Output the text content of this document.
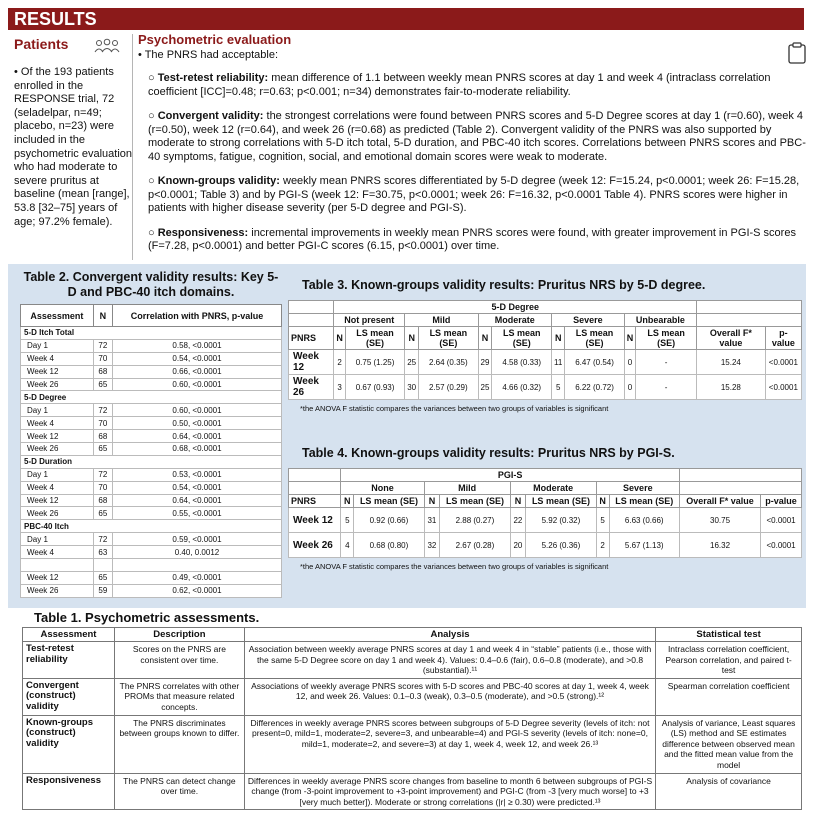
RESULTS
Patients

• Of the 193 patients enrolled in the RESPONSE trial, 72 (seladelpar, n=49; placebo, n=23) were included in the psychometric evaluation who had moderate to severe pruritus at baseline (mean [range], 53.8 [32–75] years of age; 97.2% female).

Psychometric evaluation
• The PNRS had acceptable:
○ Test-retest reliability: mean difference of 1.1 between weekly mean PNRS scores at day 1 and week 4 (intraclass correlation coefficient [ICC]=0.48; r=0.63; p<0.001; n=34) demonstrates fair-to-moderate reliability.
○ Convergent validity: the strongest correlations were found between PNRS scores and 5-D Degree scores at day 1 (r=0.60), week 4 (r=0.50), week 12 (r=0.64), and week 26 (r=0.68) as predicted (Table 2). Convergent validity of the PNRS was also supported by moderate to strong correlations with 5-D itch total, 5-D duration, and PBC-40 itch scores. Correlations between PNRS scores and PBC-40 symptoms, fatigue, cognition, social, and emotional domain scores were weak to moderate.
○ Known-groups validity: weekly mean PNRS scores differentiated by 5-D degree (week 12: F=15.24, p<0.0001; week 26: F=15.28, p<0.0001; Table 3) and by PGI-S (week 12: F=30.75, p<0.0001; week 26: F=16.32, p<0.0001 Table 4). PNRS scores were higher in patients with higher disease severity (per 5-D degree and PGI-S).
○ Responsiveness: incremental improvements in weekly mean PNRS scores were found, with greater improvement in PGI-S scores (F=7.28, p<0.0001) and better PGI-C scores (6.15, p<0.0001) over time.
Table 2. Convergent validity results: Key 5-D and PBC-40 itch domains.
Assessment	N	Correlation with PNRS, p-value
5-D Itch Total		
Day 1	72	0.58, <0.0001
Week 4	70	0.54, <0.0001
Week 12	68	0.66, <0.0001
Week 26	65	0.60, <0.0001
5-D Degree		
Day 1	72	0.60, <0.0001
Week 4	70	0.50, <0.0001
Week 12	68	0.64, <0.0001
Week 26	65	0.68, <0.0001
5-D Duration		
Day 1	72	0.53, <0.0001
Week 4	70	0.54, <0.0001
Week 12	68	0.64, <0.0001
Week 26	65	0.55, <0.0001
PBC-40 Itch		
Day 1	72	0.59, <0.0001
Week 4	63	0.40, 0.0012

Week 12	65	0.49, <0.0001
Week 26	59	0.62, <0.0001
Table 3. Known-groups validity results: Pruritus NRS by 5-D degree.
	5-D Degree											
	Not present		Mild		Moderate		Severe		Unbearable			
PNRS	N	LS mean (SE)	N	LS mean (SE)	N	LS mean (SE)	N	LS mean (SE)	N	LS mean (SE)	Overall F* value	p-value
Week 12	2	0.75 (1.25)	25	2.64 (0.35)	29	4.58 (0.33)	11	6.47 (0.54)	0	-	15.24	<0.0001
Week 26	3	0.67 (0.93)	30	2.57 (0.29)	25	4.66 (0.32)	5	6.22 (0.72)	0	-	15.28	<0.0001
*the ANOVA F statistic compares the variances between two groups of variables is significant
Table 4. Known-groups validity results: Pruritus NRS by PGI-S.
	PGI-S									
	None		Mild		Moderate		Severe			
PNRS	N	LS mean (SE)	N	LS mean (SE)	N	LS mean (SE)	N	LS mean (SE)	Overall F* value	p-value
Week 12	5	0.92 (0.66)	31	2.88 (0.27)	22	5.92 (0.32)	5	6.63 (0.66)	30.75	<0.0001
Week 26	4	0.68 (0.80)	32	2.67 (0.28)	20	5.26 (0.36)	2	5.67 (1.13)	16.32	<0.0001
*the ANOVA F statistic compares the variances between two groups of variables is significant
Table 1. Psychometric assessments.
Assessment	Description	Analysis	Statistical test
Test-retest reliability	Scores on the PNRS are consistent over time.	Association between weekly average PNRS scores at day 1 and week 4 in “stable” patients (i.e., those with the same 5-D Degree score on day 1 and week 4). Values: 0.4–0.6 (fair), 0.6–0.8 (moderate), and >0.8 (substantial).¹¹	Intraclass correlation coefficient, Pearson correlation, and paired t-test
Convergent (construct) validity	The PNRS correlates with other PROMs that measure related concepts.	Associations of weekly average PNRS scores with 5-D scores and PBC-40 scores at day 1, week 4, week 12, and week 26. Values: 0.1–0.3 (weak), 0.3–0.5 (moderate), and >0.5 (strong).¹²	Spearman correlation coefficient
Known-groups (construct) validity	The PNRS discriminates between groups known to differ.	Differences in weekly average PNRS scores between subgroups of 5-D Degree severity (levels of itch: not present=0, mild=1, moderate=2, severe=3, and unbearable=4) and PGI-S severity (levels of itch: none=0, mild=1, moderate=2, and severe=3) at day 1, week 4, week 12, and week 26.¹³	Analysis of variance, Least squares (LS) method and SE estimates difference between observed mean and the fitted mean value from the model
Responsiveness	The PNRS can detect change over time.	Differences in weekly average PNRS score changes from baseline to month 6 between subgroups of PGI-S change (from -3-point improvement to +3-point improvement) and PGI-C (from -3 [very much worse] to +3 [very much better]). Moderate or strong correlations (|r| ≥ 0.30) were predicted.¹³	Analysis of covariance
